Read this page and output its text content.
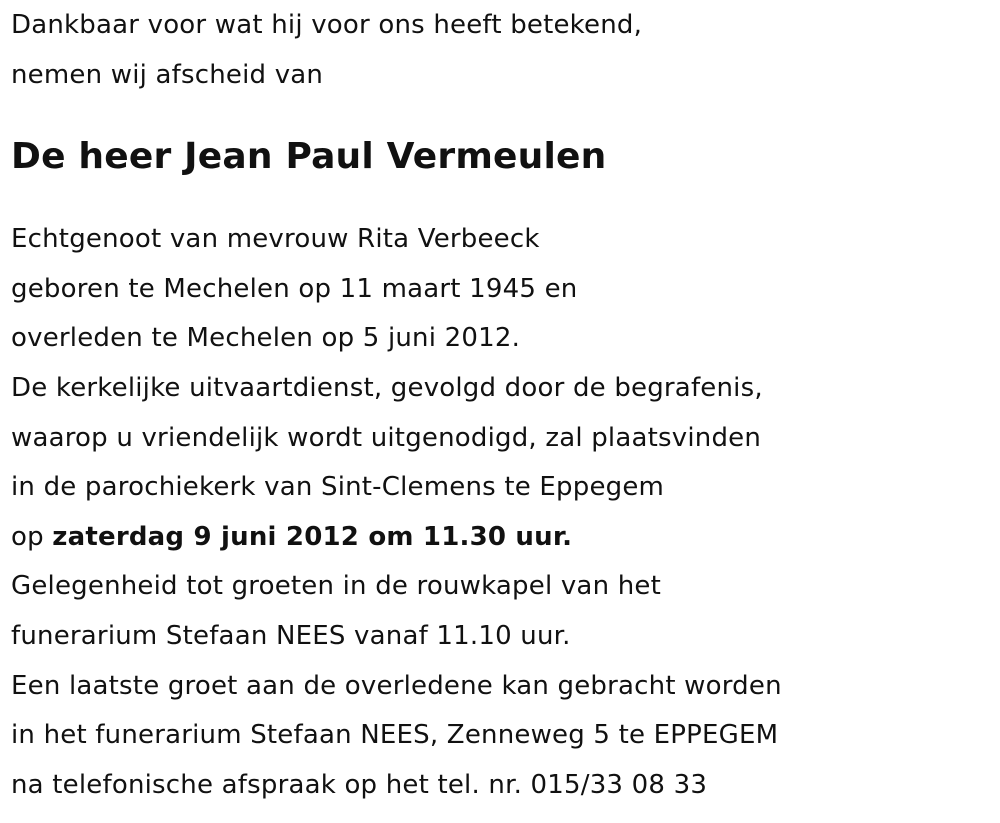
Dankbaar voor wat hij voor ons heeft betekend,
nemen wij afscheid van
De heer Jean Paul Vermeulen
Echtgenoot van mevrouw Rita Verbeeck
geboren te Mechelen op 11 maart 1945 en
overleden te Mechelen op 5 juni 2012.
De kerkelijke uitvaartdienst, gevolgd door de begrafenis,
waarop u vriendelijk wordt uitgenodigd, zal plaatsvinden
in de parochiekerk van Sint-Clemens te Eppegem
op zaterdag 9 juni 2012 om 11.30 uur.
Gelegenheid tot groeten in de rouwkapel van het
funerarium Stefaan NEES vanaf 11.10 uur.
Een laatste groet aan de overledene kan gebracht worden
in het funerarium Stefaan NEES, Zenneweg 5 te EPPEGEM
na telefonische afspraak op het tel. nr. 015/33 08 33
